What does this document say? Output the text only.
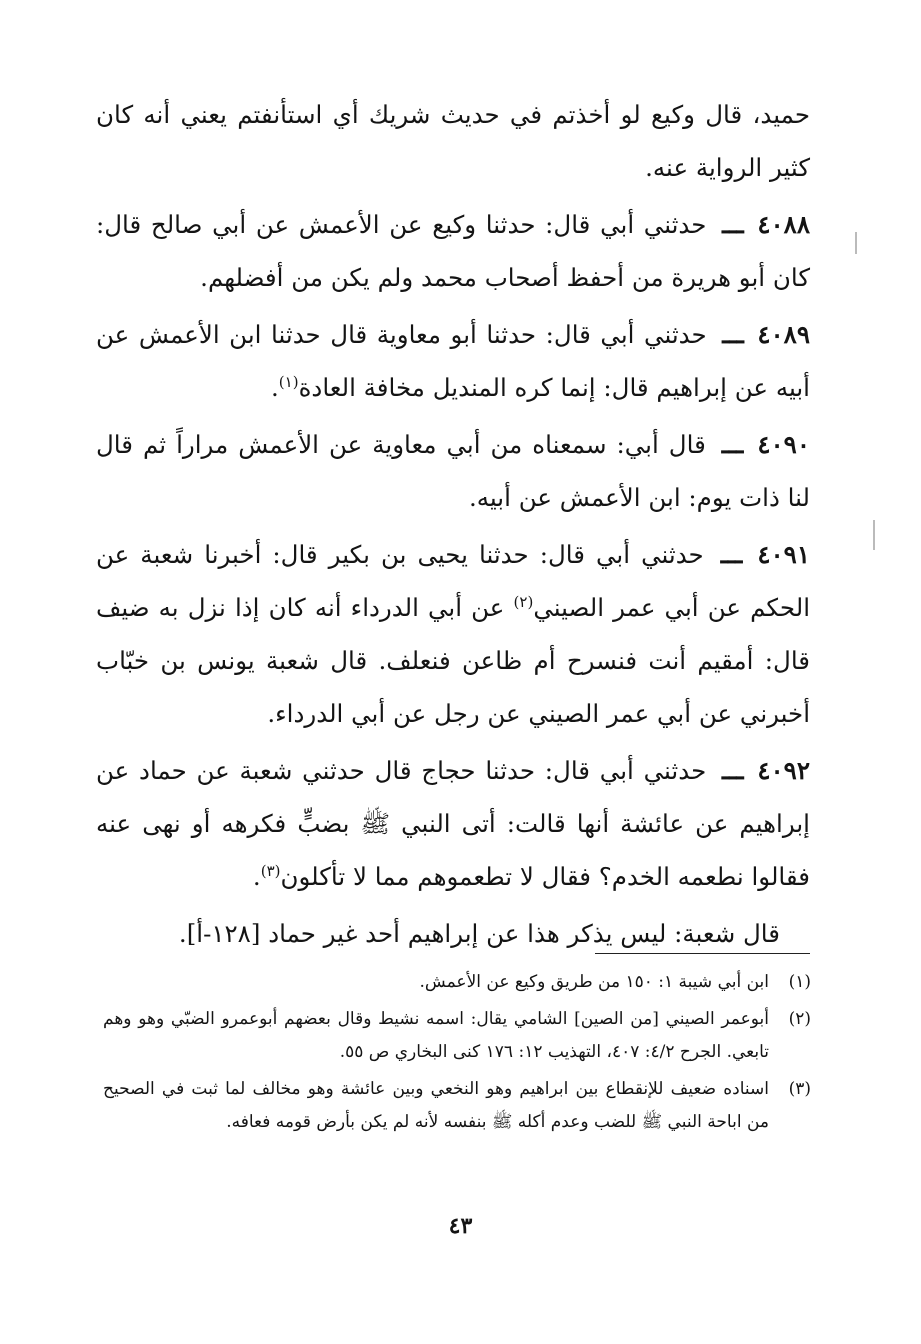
حميد، قال وكيع لو أخذتم في حديث شريك أي استأنفتم يعني أنه كان كثير الرواية عنه.

٤٠٨٨ ـــ حدثني أبي قال: حدثنا وكيع عن الأعمش عن أبي صالح قال: كان أبو هريرة من أحفظ أصحاب محمد ولم يكن من أفضلهم.

٤٠٨٩ ـــ حدثني أبي قال: حدثنا أبو معاوية قال حدثنا ابن الأعمش عن أبيه عن إبراهيم قال: إنما كره المنديل مخافة العادة$^{(١)}$.

٤٠٩٠ ـــ قال أبي: سمعناه من أبي معاوية عن الأعمش مراراً ثم قال لنا ذات يوم: ابن الأعمش عن أبيه.

٤٠٩١ ـــ حدثني أبي قال: حدثنا يحيى بن بكير قال: أخبرنا شعبة عن الحكم عن أبي عمر الصيني$^{(٢)}$ عن أبي الدرداء أنه كان إذا نزل به ضيف قال: أمقيم أنت فنسرح أم ظاعن فنعلف. قال شعبة يونس بن خبّاب أخبرني عن أبي عمر الصيني عن رجل عن أبي الدرداء.

٤٠٩٢ ـــ حدثني أبي قال: حدثنا حجاج قال حدثني شعبة عن حماد عن إبراهيم عن عائشة أنها قالت: أتى النبي ﷺ بضبٍّ فكرهه أو نهى عنه فقالوا نطعمه الخدم؟ فقال لا تطعموهم مما لا تأكلون$^{(٣)}$.

قال شعبة: ليس يذكر هذا عن إبراهيم أحد غير حماد [١٢٨-أ].

(١)
ابن أبي شيبة ١: ١٥٠ من طريق وكيع عن الأعمش.
(٢)
أبوعمر الصيني [من الصين] الشامي يقال: اسمه نشيط وقال بعضهم أبوعمرو الضبّي وهو وهم تابعي. الجرح ٤/٢: ٤٠٧، التهذيب ١٢: ١٧٦ كنى البخاري ص ٥٥.
(٣)
اسناده ضعيف للإنقطاع بين ابراهيم وهو النخعي وبين عائشة وهو مخالف لما ثبت في الصحيح من اباحة النبي ﷺ للضب وعدم أكله ﷺ بنفسه لأنه لم يكن بأرض قومه فعافه.
٤٣
